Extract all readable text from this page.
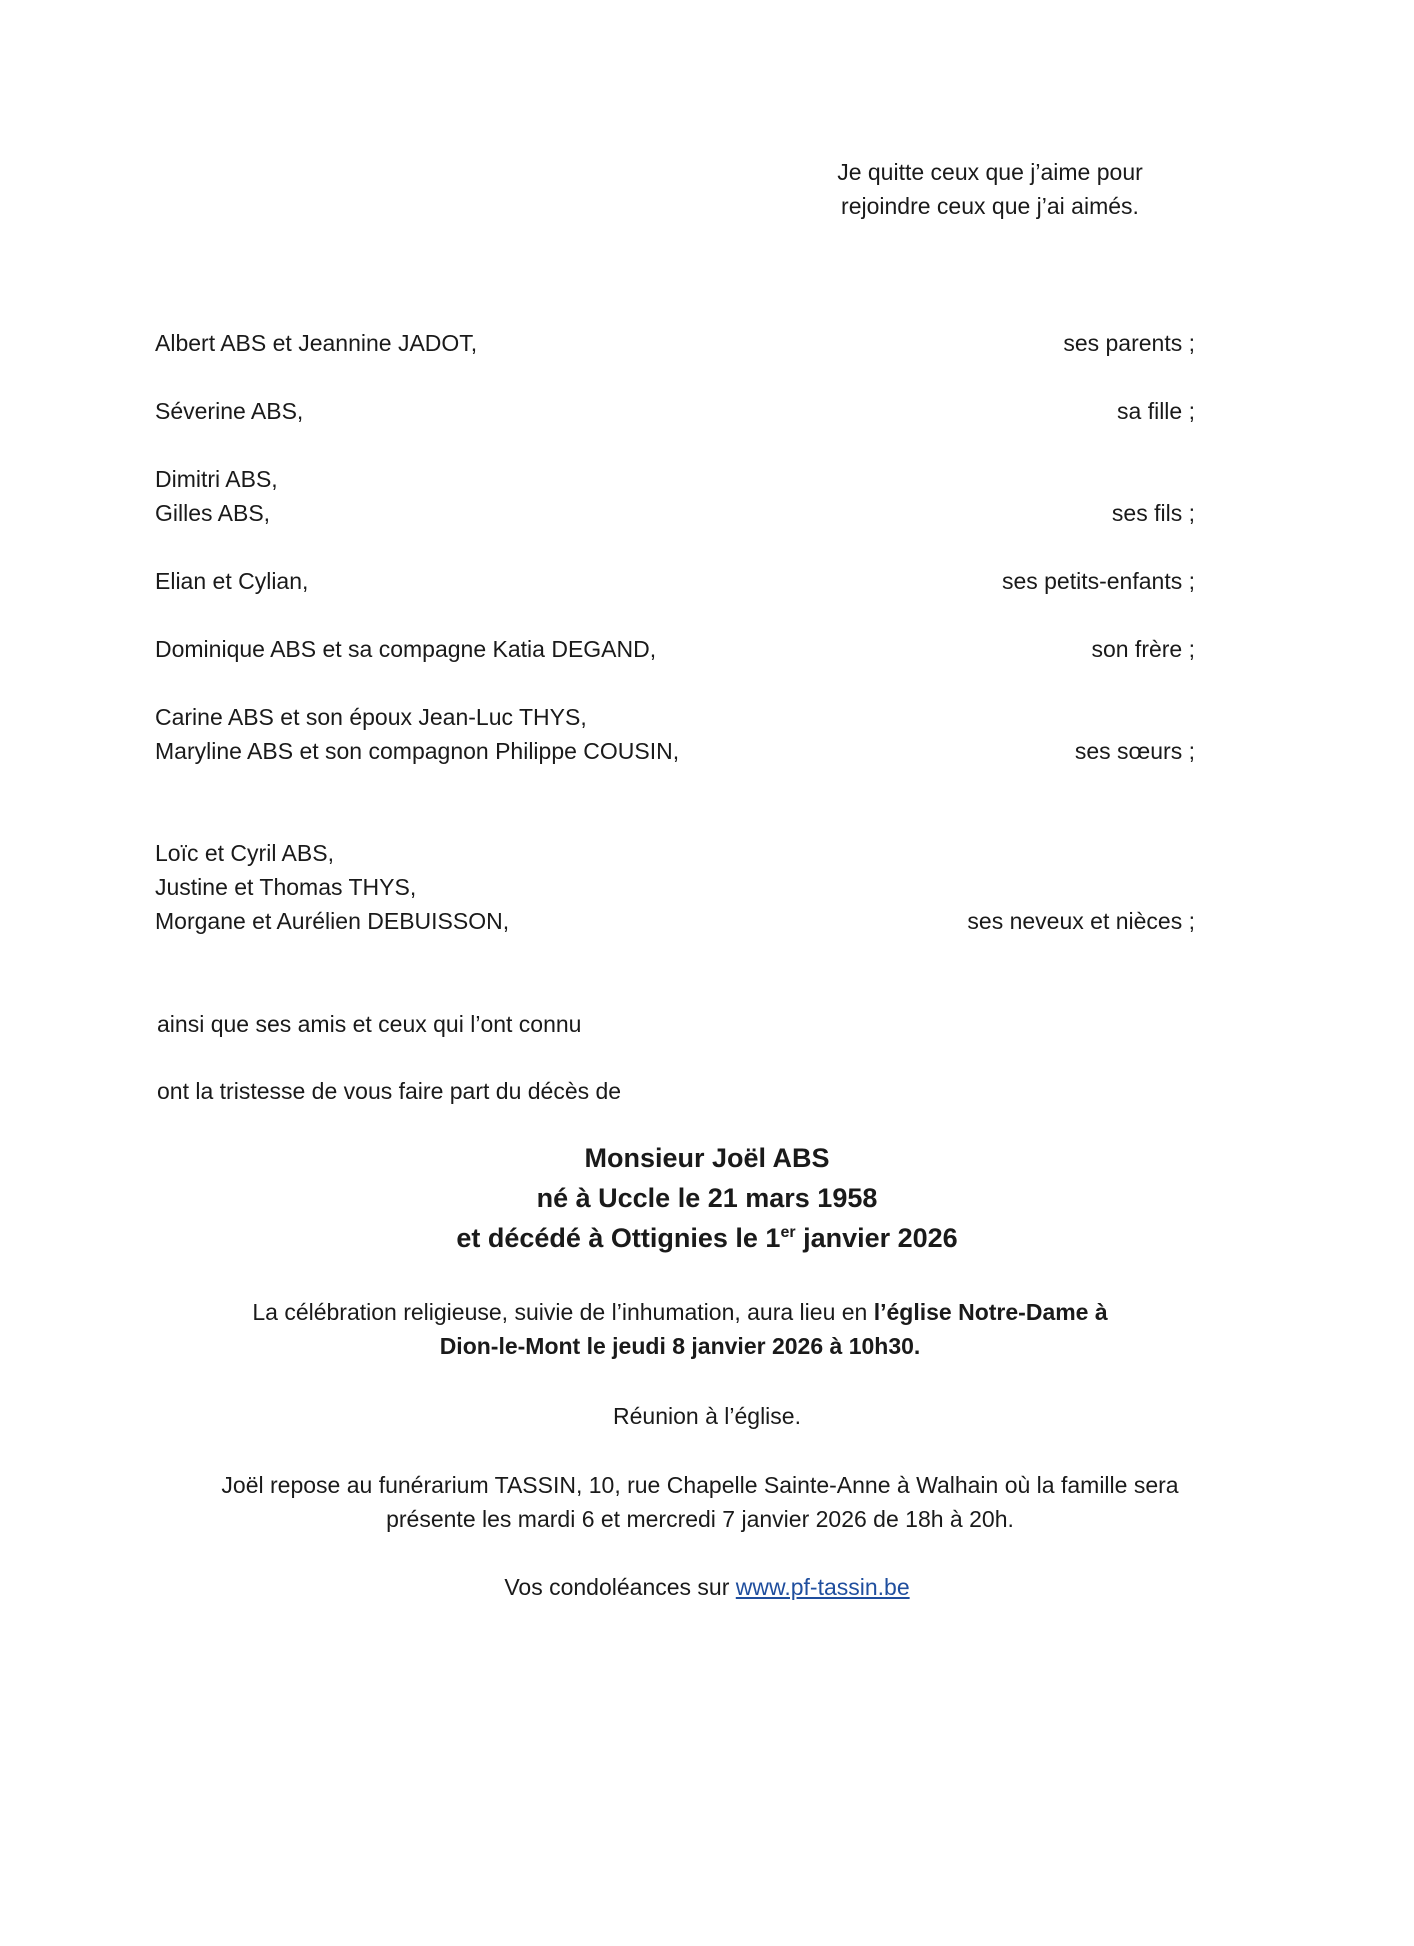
Je quitte ceux que j’aime pour
rejoindre ceux que j’ai aimés.
Albert ABS et Jeannine JADOT,	ses parents ;
Séverine ABS,	sa fille ;
Dimitri ABS,
Gilles ABS,	ses fils ;
Elian et Cylian,	ses petits-enfants ;
Dominique ABS et sa compagne Katia DEGAND,	son frère ;
Carine ABS et son époux Jean-Luc THYS,
Maryline ABS et son compagnon Philippe COUSIN,	ses sœurs ;
Loïc et Cyril ABS,
Justine et Thomas THYS,
Morgane et Aurélien DEBUISSON,	ses neveux et nièces ;
ainsi que ses amis et ceux qui l’ont connu
ont la tristesse de vous faire part du décès de
Monsieur Joël ABS
né à Uccle le 21 mars 1958
et décédé à Ottignies le 1er janvier 2026
La célébration religieuse, suivie de l’inhumation, aura lieu en l’église Notre-Dame à
Dion-le-Mont le jeudi 8 janvier 2026 à 10h30.
Réunion à l’église.
Joël repose au funérarium TASSIN, 10, rue Chapelle Sainte-Anne à Walhain où la famille sera
présente les mardi 6 et mercredi 7 janvier 2026 de 18h à 20h.
Vos condoléances sur www.pf-tassin.be
